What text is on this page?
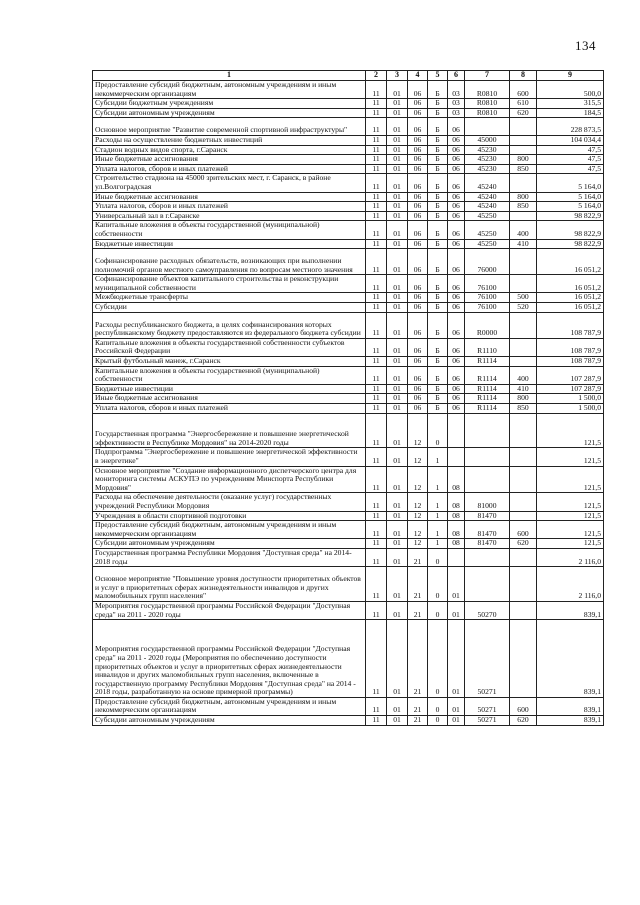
134
1	2	3	4	5	6	7	8	9
Предоставление субсидий бюджетным, автономным учреждениям и иным некоммерческим организациям	11	01	06	Б	03	R0810	600	500,0
Субсидии бюджетным учреждениям	11	01	06	Б	03	R0810	610	315,5
Субсидии автономным учреждениям	11	01	06	Б	03	R0810	620	184,5
Основное мероприятие "Развитие современной спортивной инфраструктуры"	11	01	06	Б	06			228 873,5
Расходы на осуществление бюджетных инвестиций	11	01	06	Б	06	45000		104 034,4
Стадион водных видов спорта, г.Саранск	11	01	06	Б	06	45230		47,5
Иные бюджетные ассигнования	11	01	06	Б	06	45230	800	47,5
Уплата налогов, сборов и иных платежей	11	01	06	Б	06	45230	850	47,5
Строительство стадиона на 45000 зрительских мест, г. Саранск, в районе ул.Волгоградская	11	01	06	Б	06	45240		5 164,0
Иные бюджетные ассигнования	11	01	06	Б	06	45240	800	5 164,0
Уплата налогов, сборов и иных платежей	11	01	06	Б	06	45240	850	5 164,0
Универсальный зал в г.Саранске	11	01	06	Б	06	45250		98 822,9
Капитальные вложения в объекты государственной (муниципальной) собственности	11	01	06	Б	06	45250	400	98 822,9
Бюджетные инвестиции	11	01	06	Б	06	45250	410	98 822,9
Софинансирование расходных обязательств, возникающих при выполнении полномочий органов местного самоуправления по вопросам местного значения	11	01	06	Б	06	76000		16 051,2
Софинансирование объектов капитального строительства и реконструкции муниципальной собственности	11	01	06	Б	06	76100		16 051,2
Межбюджетные трансферты	11	01	06	Б	06	76100	500	16 051,2
Субсидии	11	01	06	Б	06	76100	520	16 051,2
Расходы республиканского бюджета, в целях софинансирования которых республиканскому бюджету предоставляются из федерального бюджета субсидии	11	01	06	Б	06	R0000		108 787,9
Капитальные вложения в объекты государственной собственности субъектов Российской Федерации	11	01	06	Б	06	R1110		108 787,9
Крытый футбольный манеж, г.Саранск	11	01	06	Б	06	R1114		108 787,9
Капитальные вложения в объекты государственной (муниципальной) собственности	11	01	06	Б	06	R1114	400	107 287,9
Бюджетные инвестиции	11	01	06	Б	06	R1114	410	107 287,9
Иные бюджетные ассигнования	11	01	06	Б	06	R1114	800	1 500,0
Уплата налогов, сборов и иных платежей	11	01	06	Б	06	R1114	850	1 500,0
Государственная программа "Энергосбережение и повышение энергетической эффективности в Республике Мордовия" на 2014-2020 годы	11	01	12	0				121,5
Подпрограмма "Энергосбережение и повышение энергетической эффективности в энергетике"	11	01	12	1				121,5
Основное мероприятие "Создание информационного диспетчерского центра для мониторинга системы АСКУПЭ по учреждениям Минспорта Республики Мордовия"	11	01	12	1	08			121,5
Расходы на обеспечение деятельности (оказание услуг) государственных учреждений Республики Мордовия	11	01	12	1	08	81000		121,5
Учреждения в области спортивной подготовки	11	01	12	1	08	81470		121,5
Предоставление субсидий бюджетным, автономным учреждениям и иным некоммерческим организациям	11	01	12	1	08	81470	600	121,5
Субсидии автономным учреждениям	11	01	12	1	08	81470	620	121,5
Государственная программа Республики Мордовия "Доступная среда" на 2014-2018 годы	11	01	21	0				2 116,0
Основное мероприятие "Повышение уровня доступности приоритетных объектов и услуг в приоритетных сферах жизнедеятельности инвалидов и других маломобильных групп населения"	11	01	21	0	01			2 116,0
Мероприятия государственной программы Российской Федерации "Доступная среда" на 2011 - 2020 годы	11	01	21	0	01	50270		839,1
Мероприятия государственной программы Российской Федерации "Доступная среда" на 2011 - 2020 годы (Мероприятия по обеспечению доступности приоритетных объектов и услуг в приоритетных сферах жизнедеятельности инвалидов и других маломобильных групп населения, включенные в государственную программу Республики Мордовия "Доступная среда" на 2014 - 2018 годы, разработанную на основе примерной программы)	11	01	21	0	01	50271		839,1
Предоставление субсидий бюджетным, автономным учреждениям и иным некоммерческим организациям	11	01	21	0	01	50271	600	839,1
Субсидии автономным учреждениям	11	01	21	0	01	50271	620	839,1
